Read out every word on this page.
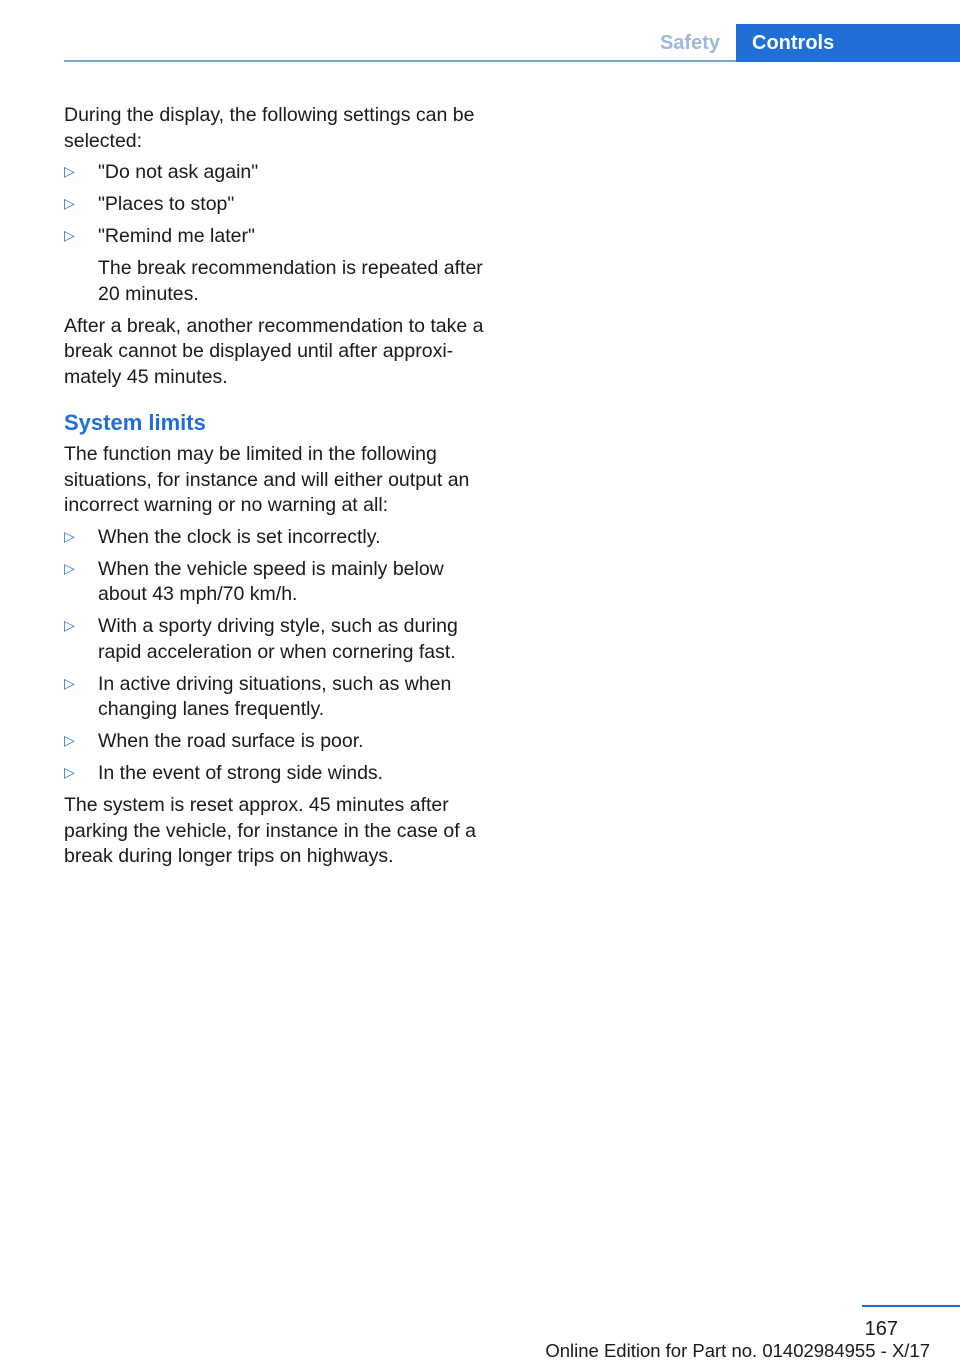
Safety	Controls

During the display, the following settings can be selected:

▷	"Do not ask again"
▷	"Places to stop"
▷	"Remind me later"
The break recommendation is repeated after 20 minutes.

After a break, another recommendation to take a break cannot be displayed until after approximately 45 minutes.

System limits

The function may be limited in the following situations, for instance and will either output an incorrect warning or no warning at all:

▷	When the clock is set incorrectly.
▷	When the vehicle speed is mainly below about 43 mph/70 km/h.
▷	With a sporty driving style, such as during rapid acceleration or when cornering fast.
▷	In active driving situations, such as when changing lanes frequently.
▷	When the road surface is poor.
▷	In the event of strong side winds.

The system is reset approx. 45 minutes after parking the vehicle, for instance in the case of a break during longer trips on highways.

167
Online Edition for Part no. 01402984955 - X/17
